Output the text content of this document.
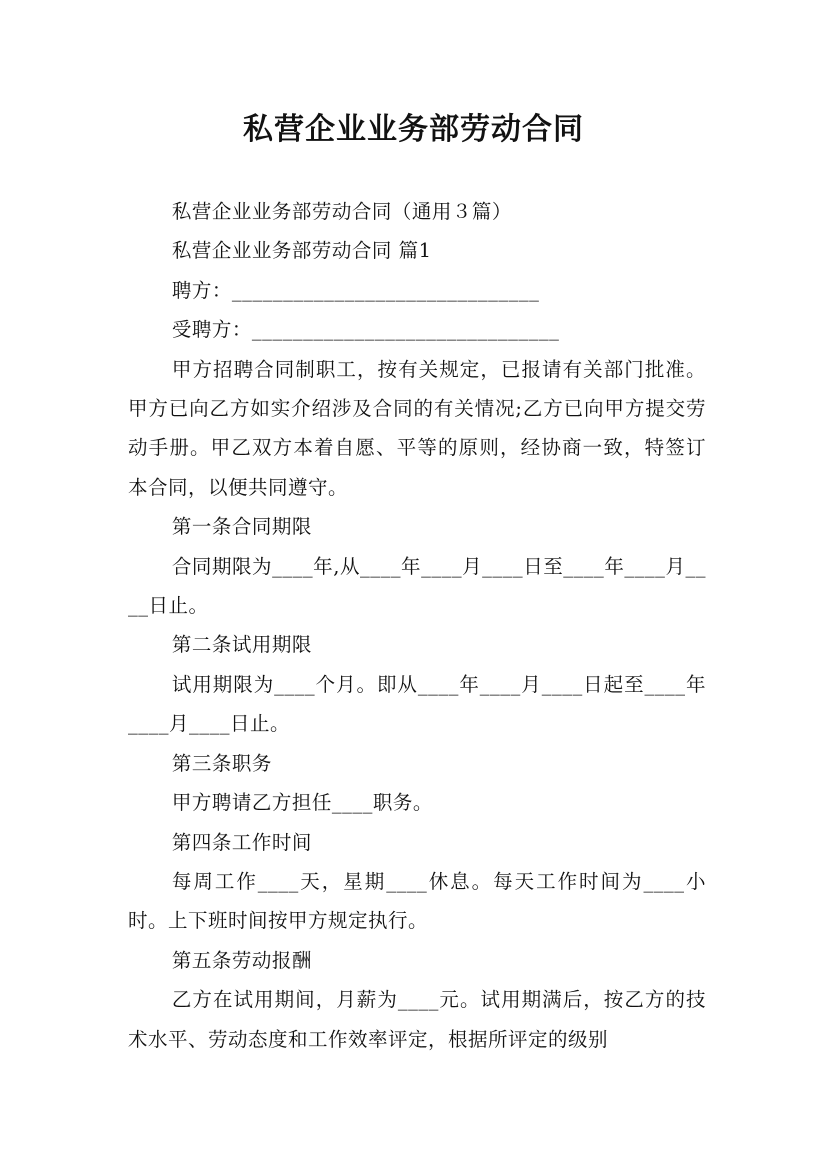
私营企业业务部劳动合同

私营企业业务部劳动合同（通用３篇）

私营企业业务部劳动合同 篇1

聘方：______________________________

受聘方：______________________________

甲方招聘合同制职工，按有关规定，已报请有关部门批准。甲方已向乙方如实介绍涉及合同的有关情况;乙方已向甲方提交劳动手册。甲乙双方本着自愿、平等的原则，经协商一致，特签订本合同，以便共同遵守。

第一条合同期限

合同期限为____年,从____年____月____日至____年____月____日止。

第二条试用期限

试用期限为____个月。即从____年____月____日起至____年____月____日止。

第三条职务

甲方聘请乙方担任____职务。

第四条工作时间

每周工作____天，星期____休息。每天工作时间为____小时。上下班时间按甲方规定执行。

第五条劳动报酬

乙方在试用期间，月薪为____元。试用期满后，按乙方的技术水平、劳动态度和工作效率评定，根据所评定的级别
